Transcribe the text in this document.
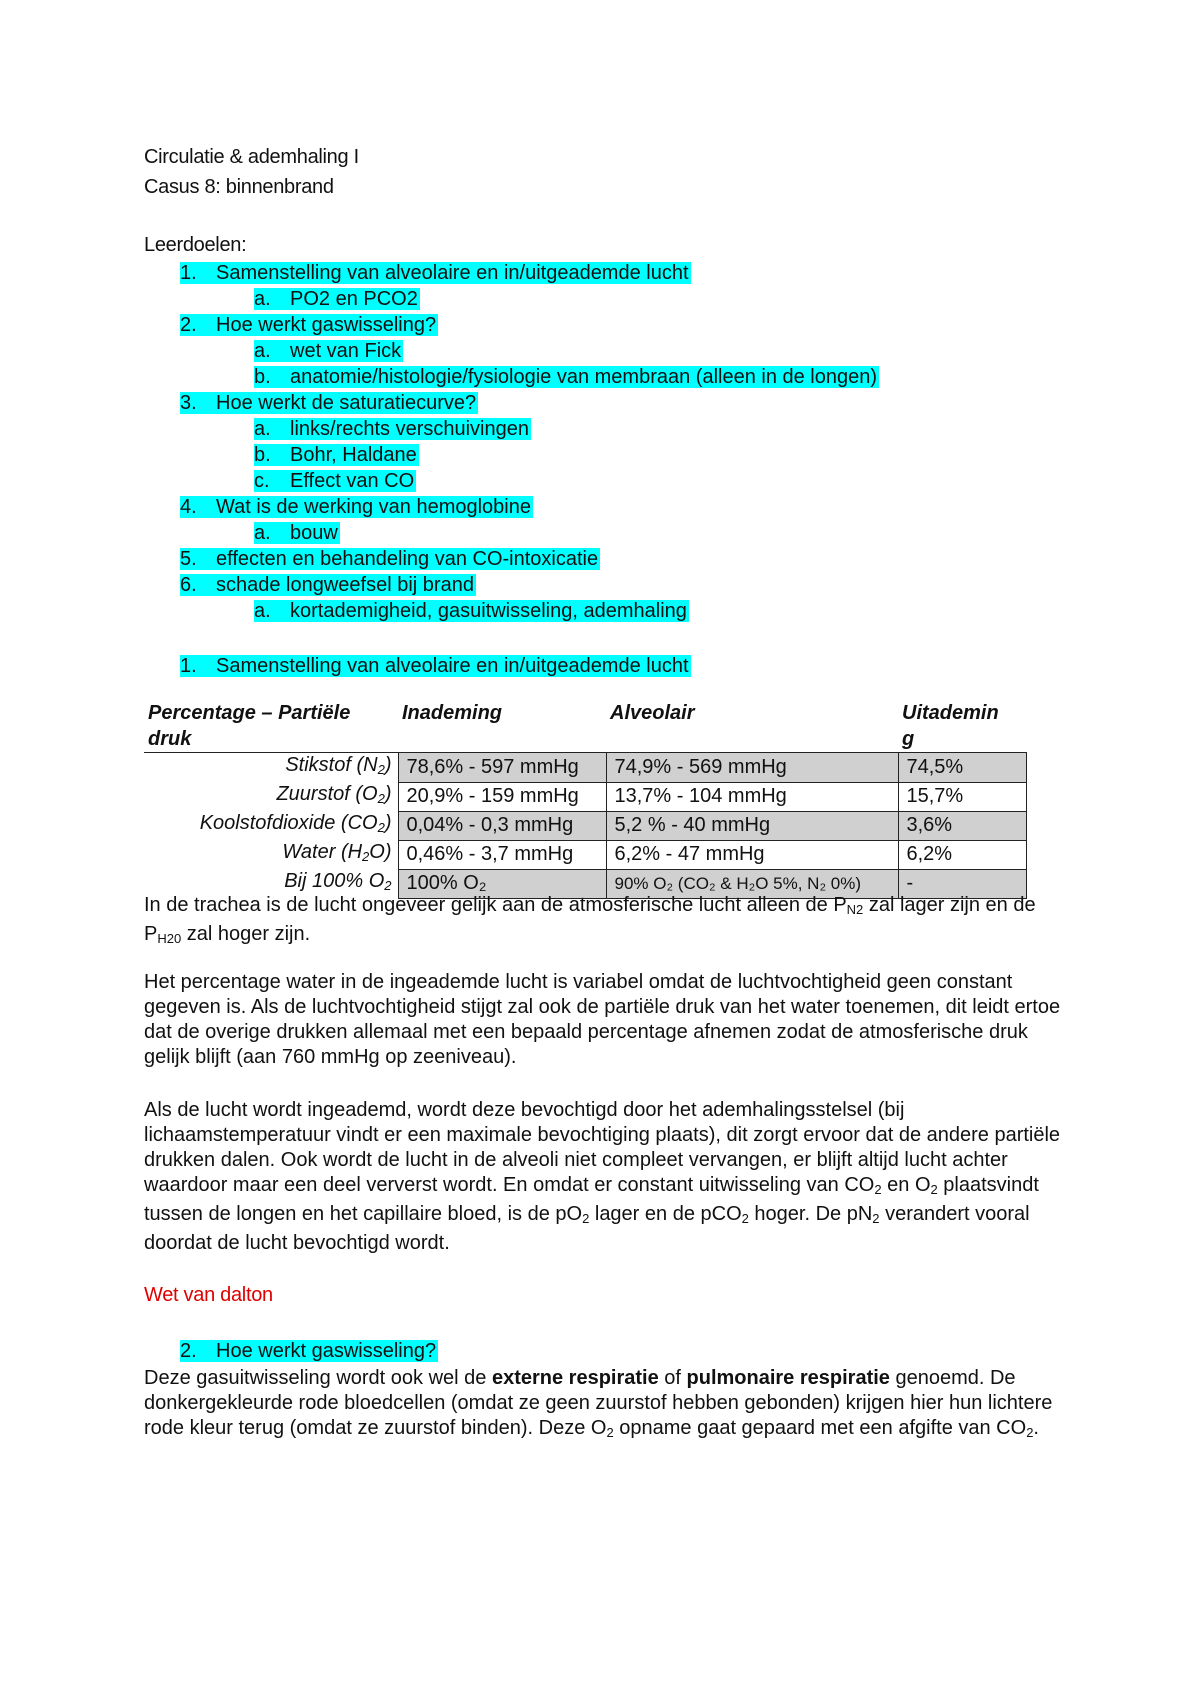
Circulatie & ademhaling I
Casus 8: binnenbrand
Leerdoelen:
1. Samenstelling van alveolaire en in/uitgeademde lucht
a. PO2 en PCO2
2. Hoe werkt gaswisseling?
a. wet van Fick
b. anatomie/histologie/fysiologie van membraan (alleen in de longen)
3. Hoe werkt de saturatiecurve?
a. links/rechts verschuivingen
b. Bohr, Haldane
c. Effect van CO
4. Wat is de werking van hemoglobine
a. bouw
5. effecten en behandeling van CO-intoxicatie
6. schade longweefsel bij brand
a. kortademigheid, gasuitwisseling, ademhaling
1. Samenstelling van alveolaire en in/uitgeademde lucht
Percentage – Partiële
druk	Inademing	Alveolair	Uitademin
g
Stikstof $(N_2)$	78,6% - 597 mmHg	74,9% - 569 mmHg	74,5%
Zuurstof $(O_2)$	20,9% - 159 mmHg	13,7% - 104 mmHg	15,7%
Koolstofdioxide $(CO_2)$	0,04% - 0,3 mmHg	5,2 % - 40 mmHg	3,6%
Water $(H_2O)$	0,46% - 3,7 mmHg	6,2% - 47 mmHg	6,2%
Bij 100% $O_2$	100% O₂	90% O₂ (CO₂ & H₂O 5%, N₂ 0%)	-
In de trachea is de lucht ongeveer gelijk aan de atmosferische lucht alleen de $P_{N2}$ zal lager zijn en de $P_{H20}$ zal hoger zijn.
Het percentage water in de ingeademde lucht is variabel omdat de luchtvochtigheid geen constant gegeven is. Als de luchtvochtigheid stijgt zal ook de partiële druk van het water toenemen, dit leidt ertoe dat de overige drukken allemaal met een bepaald percentage afnemen zodat de atmosferische druk gelijk blijft (aan 760 mmHg op zeeniveau).
Als de lucht wordt ingeademd, wordt deze bevochtigd door het ademhalingsstelsel (bij lichaamstemperatuur vindt er een maximale bevochtiging plaats), dit zorgt ervoor dat de andere partiële drukken dalen. Ook wordt de lucht in de alveoli niet compleet vervangen, er blijft altijd lucht achter waardoor maar een deel ververst wordt. En omdat er constant uitwisseling van $CO_2$ en $O_2$ plaatsvindt tussen de longen en het capillaire bloed, is de $pO_2$ lager en de pCO$_2$ hoger. De $pN_2$ verandert vooral doordat de lucht bevochtigd wordt.
Wet van dalton
2. Hoe werkt gaswisseling?
Deze gasuitwisseling wordt ook wel de externe respiratie of pulmonaire respiratie genoemd. De donkergekleurde rode bloedcellen (omdat ze geen zuurstof hebben gebonden) krijgen hier hun lichtere rode kleur terug (omdat ze zuurstof binden). Deze $O_2$ opname gaat gepaard met een afgifte van $CO_2$.
